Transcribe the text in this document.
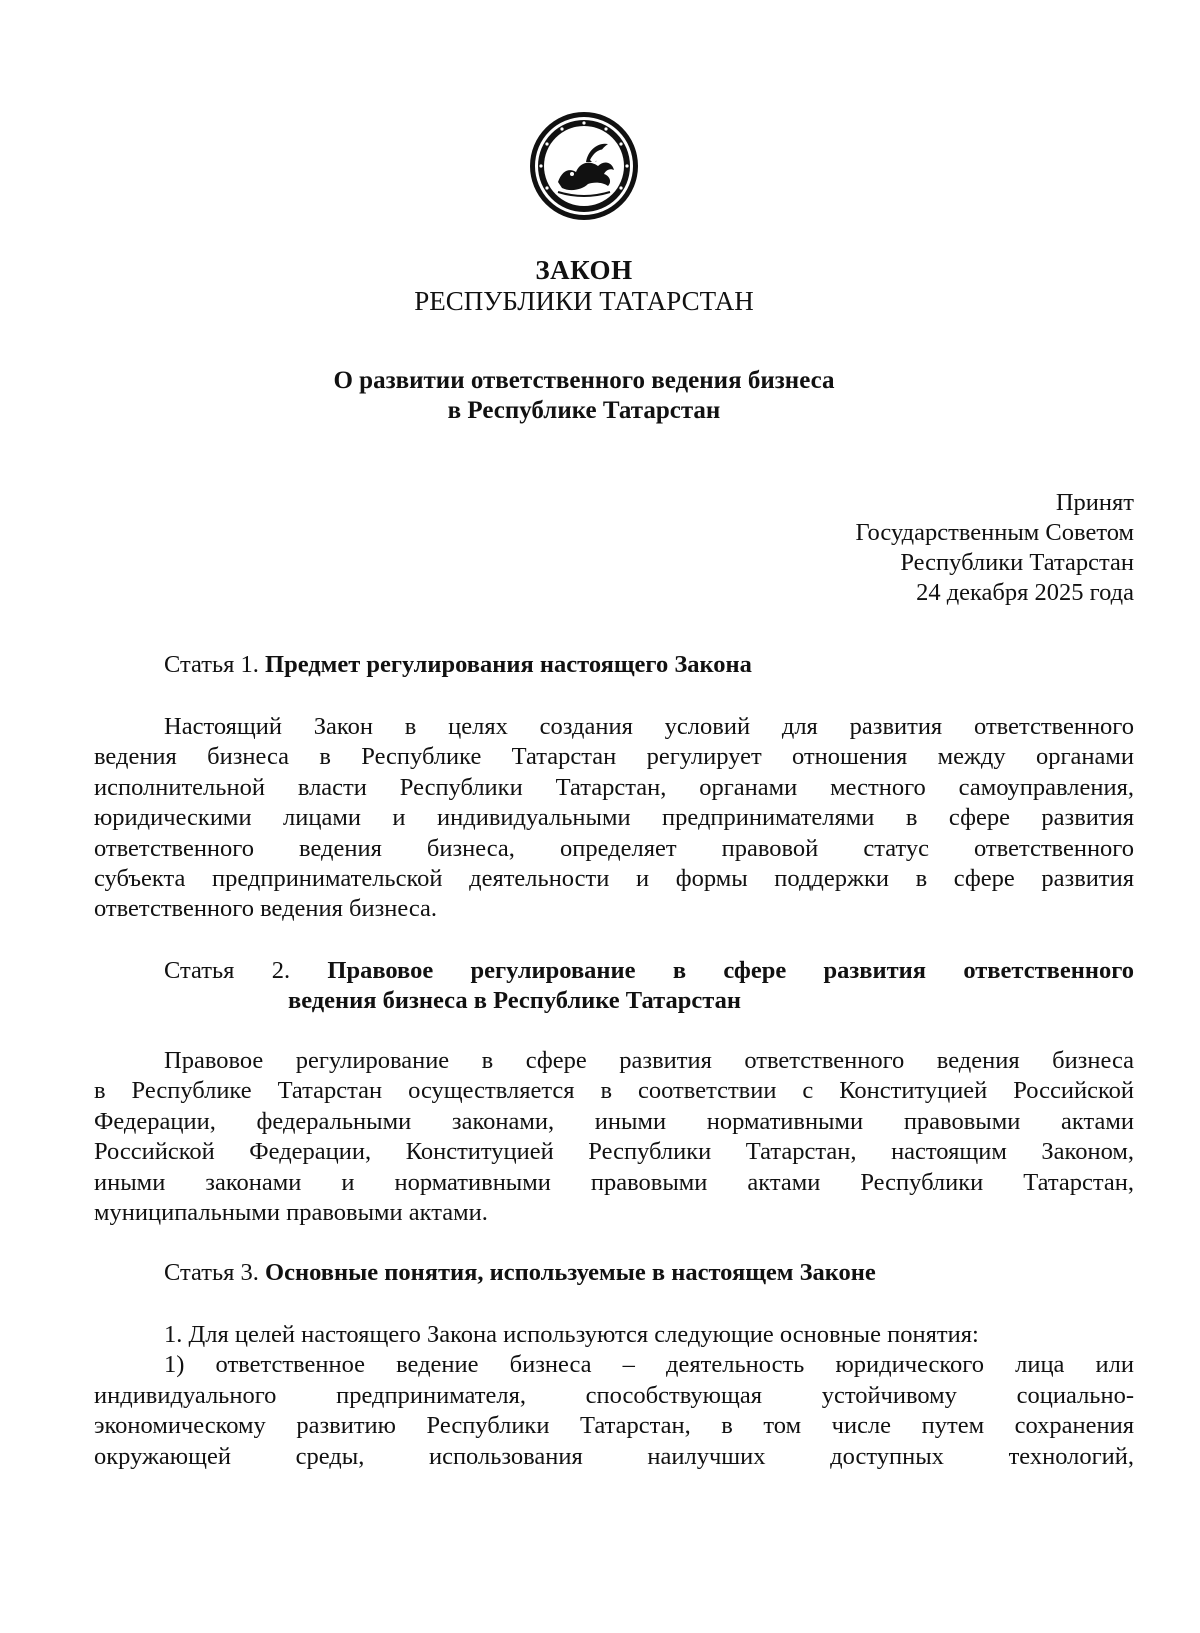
ЗАКОН
РЕСПУБЛИКИ ТАТАРСТАН
О развитии ответственного ведения бизнеса
в Республике Татарстан
Принят
Государственным Советом
Республики Татарстан
24 декабря 2025 года
Статья 1. Предмет регулирования настоящего Закона
Настоящий Закон в целях создания условий для развития ответственного
ведения бизнеса в Республике Татарстан регулирует отношения между органами
исполнительной власти Республики Татарстан, органами местного самоуправления,
юридическими лицами и индивидуальными предпринимателями в сфере развития
ответственного ведения бизнеса, определяет правовой статус ответственного
субъекта предпринимательской деятельности и формы поддержки в сфере развития
ответственного ведения бизнеса.
Статья 2. Правовое регулирование в сфере развития ответственного
ведения бизнеса в Республике Татарстан
Правовое регулирование в сфере развития ответственного ведения бизнеса
в Республике Татарстан осуществляется в соответствии с Конституцией Российской
Федерации, федеральными законами, иными нормативными правовыми актами
Российской Федерации, Конституцией Республики Татарстан, настоящим Законом,
иными законами и нормативными правовыми актами Республики Татарстан,
муниципальными правовыми актами.
Статья 3. Основные понятия, используемые в настоящем Законе
1. Для целей настоящего Закона используются следующие основные понятия:
1) ответственное ведение бизнеса – деятельность юридического лица или
индивидуального предпринимателя, способствующая устойчивому социально-
экономическому развитию Республики Татарстан, в том числе путем сохранения
окружающей среды, использования наилучших доступных технологий,
